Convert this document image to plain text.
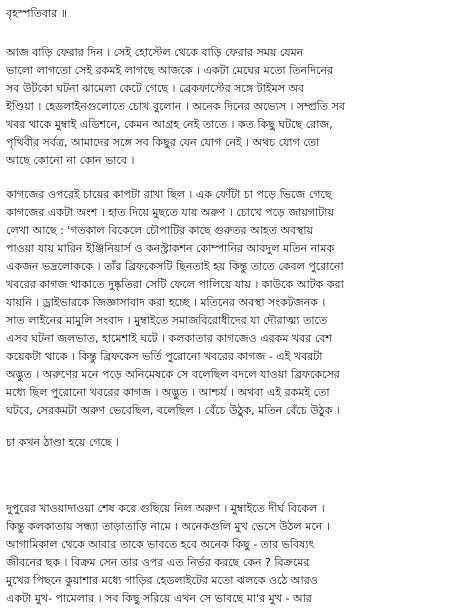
বৃহস্পতিবার ॥
আজ বাড়ি ফেরার দিন । সেই হোস্টেল থেকে বাড়ি ফেরার সময় যেমন
ভালো লাগতো সেই রকমই লাগছে আজকে । একটা মেঘের মতো তিনদিনের
সব উটকো ঘটনা ঝামেলা কেটে গেছে । ব্রেকফাস্টের সঙ্গে টাইমস অব
ইণ্ডিয়া । হেডলাইনগুলোতে চোখ বুলোন । অনেক দিনের অভ্যেস । সম্প্রতি সব
খবর থাকে মুম্বাই এডিশনে, কেমন আগ্রহ নেই তাতে । কত কিছু ঘটছে রোজ,
পৃথিবীর সর্বত্র, আমাদের সঙ্গে সব কিছুর যেন যোগ নেই । অথচ যোগ তো
আছে কোনো না কোন ভাবে ।
কাগজের ওপরেই চায়ের কাপটা রাখা ছিল । এক ফোঁটা চা পড়ে ভিজে গেছে
কাগজের একটা অংশ । হাত দিয়ে মুছতে যায় অরুণ । চোখে পড়ে জায়গাটায়
লেখা আছে : 'গতকাল বিকেলে চৌপাটির কাছে গুরুতর আহত অবস্থায়
পাওয়া যায় মারিন ইঞ্জিনিয়ার্স ও কনস্ট্রাকশন কোম্পানির আবদুল মতিন নামক
একজন ভদ্রলোককে । তাঁর ব্রিফকেসটি ছিনতাই হয় কিন্তু তাতে কেবল পুরোনো
খবরের কাগজ থাকাতে দুষ্কৃতিরা সেটি ফেলে পালিয়ে যায় । কাউকে আটক করা
যায়নি । ড্রাইভারকে জিজ্ঞাসাবাদ করা হচ্ছে । মতিনের অবস্থা সংকটজনক ।
সাত লাইনের মামুলি সংবাদ । মুম্বাইতে সমাজবিরোধীদের যা দৌরাত্ম্য তাতে
এসব ঘটনা জলভাত, হামেশাই ঘটে । কলকাতার কাগজেও এরকম খবর বেশ
কয়েকটা থাকে । কিন্তু ব্রিফকেস ভর্তি পুরোনো খবরের কাগজ - এই খবরটা
অদ্ভুত । অরুণের মনে পড়ে অনিমেষকে সে বলেছিল বদলে যাওয়া ব্রিফকেসের
মধ্যে ছিল পুরোনো খবরের কাগজ । অদ্ভুত । আশ্চর্য । অথবা এই রকমই তো
ঘটবে, সেরকমটা অরুণ ভেবেছিল, বলেছিল । বেঁচে উঠুক, মতিন বেঁচে উঠুক ।
চা কখন ঠাণ্ডা হয়ে গেছে ।
দুপুরের খাওয়াদাওয়া শেষ করে গুছিয়ে নিল অরুণ । মুম্বাইতে দীর্ঘ বিকেল ।
কিন্তু কলকাতায় সন্ধ্যা তাড়াতাড়ি নামে । অনেকগুলি মুখ ভেসে উঠল মনে ।
আগামিকাল থেকে আবার তাকে ভাবতে হবে অনেক কিছু - তার ভবিষ্যৎ
জীবনের ছক । বিক্রম সেন তার ওপর এত নির্ভর করছে কেন ? বিক্রমের
মুখের পিছনে কুয়াশার মধ্যে গাড়ির হেডলাইটের মতো ঝলকে ওঠে আরও
একটা মুখ- পামেলার । সব কিছু সরিয়ে এখন সে ভাবছে মা'র মুখ - আর
